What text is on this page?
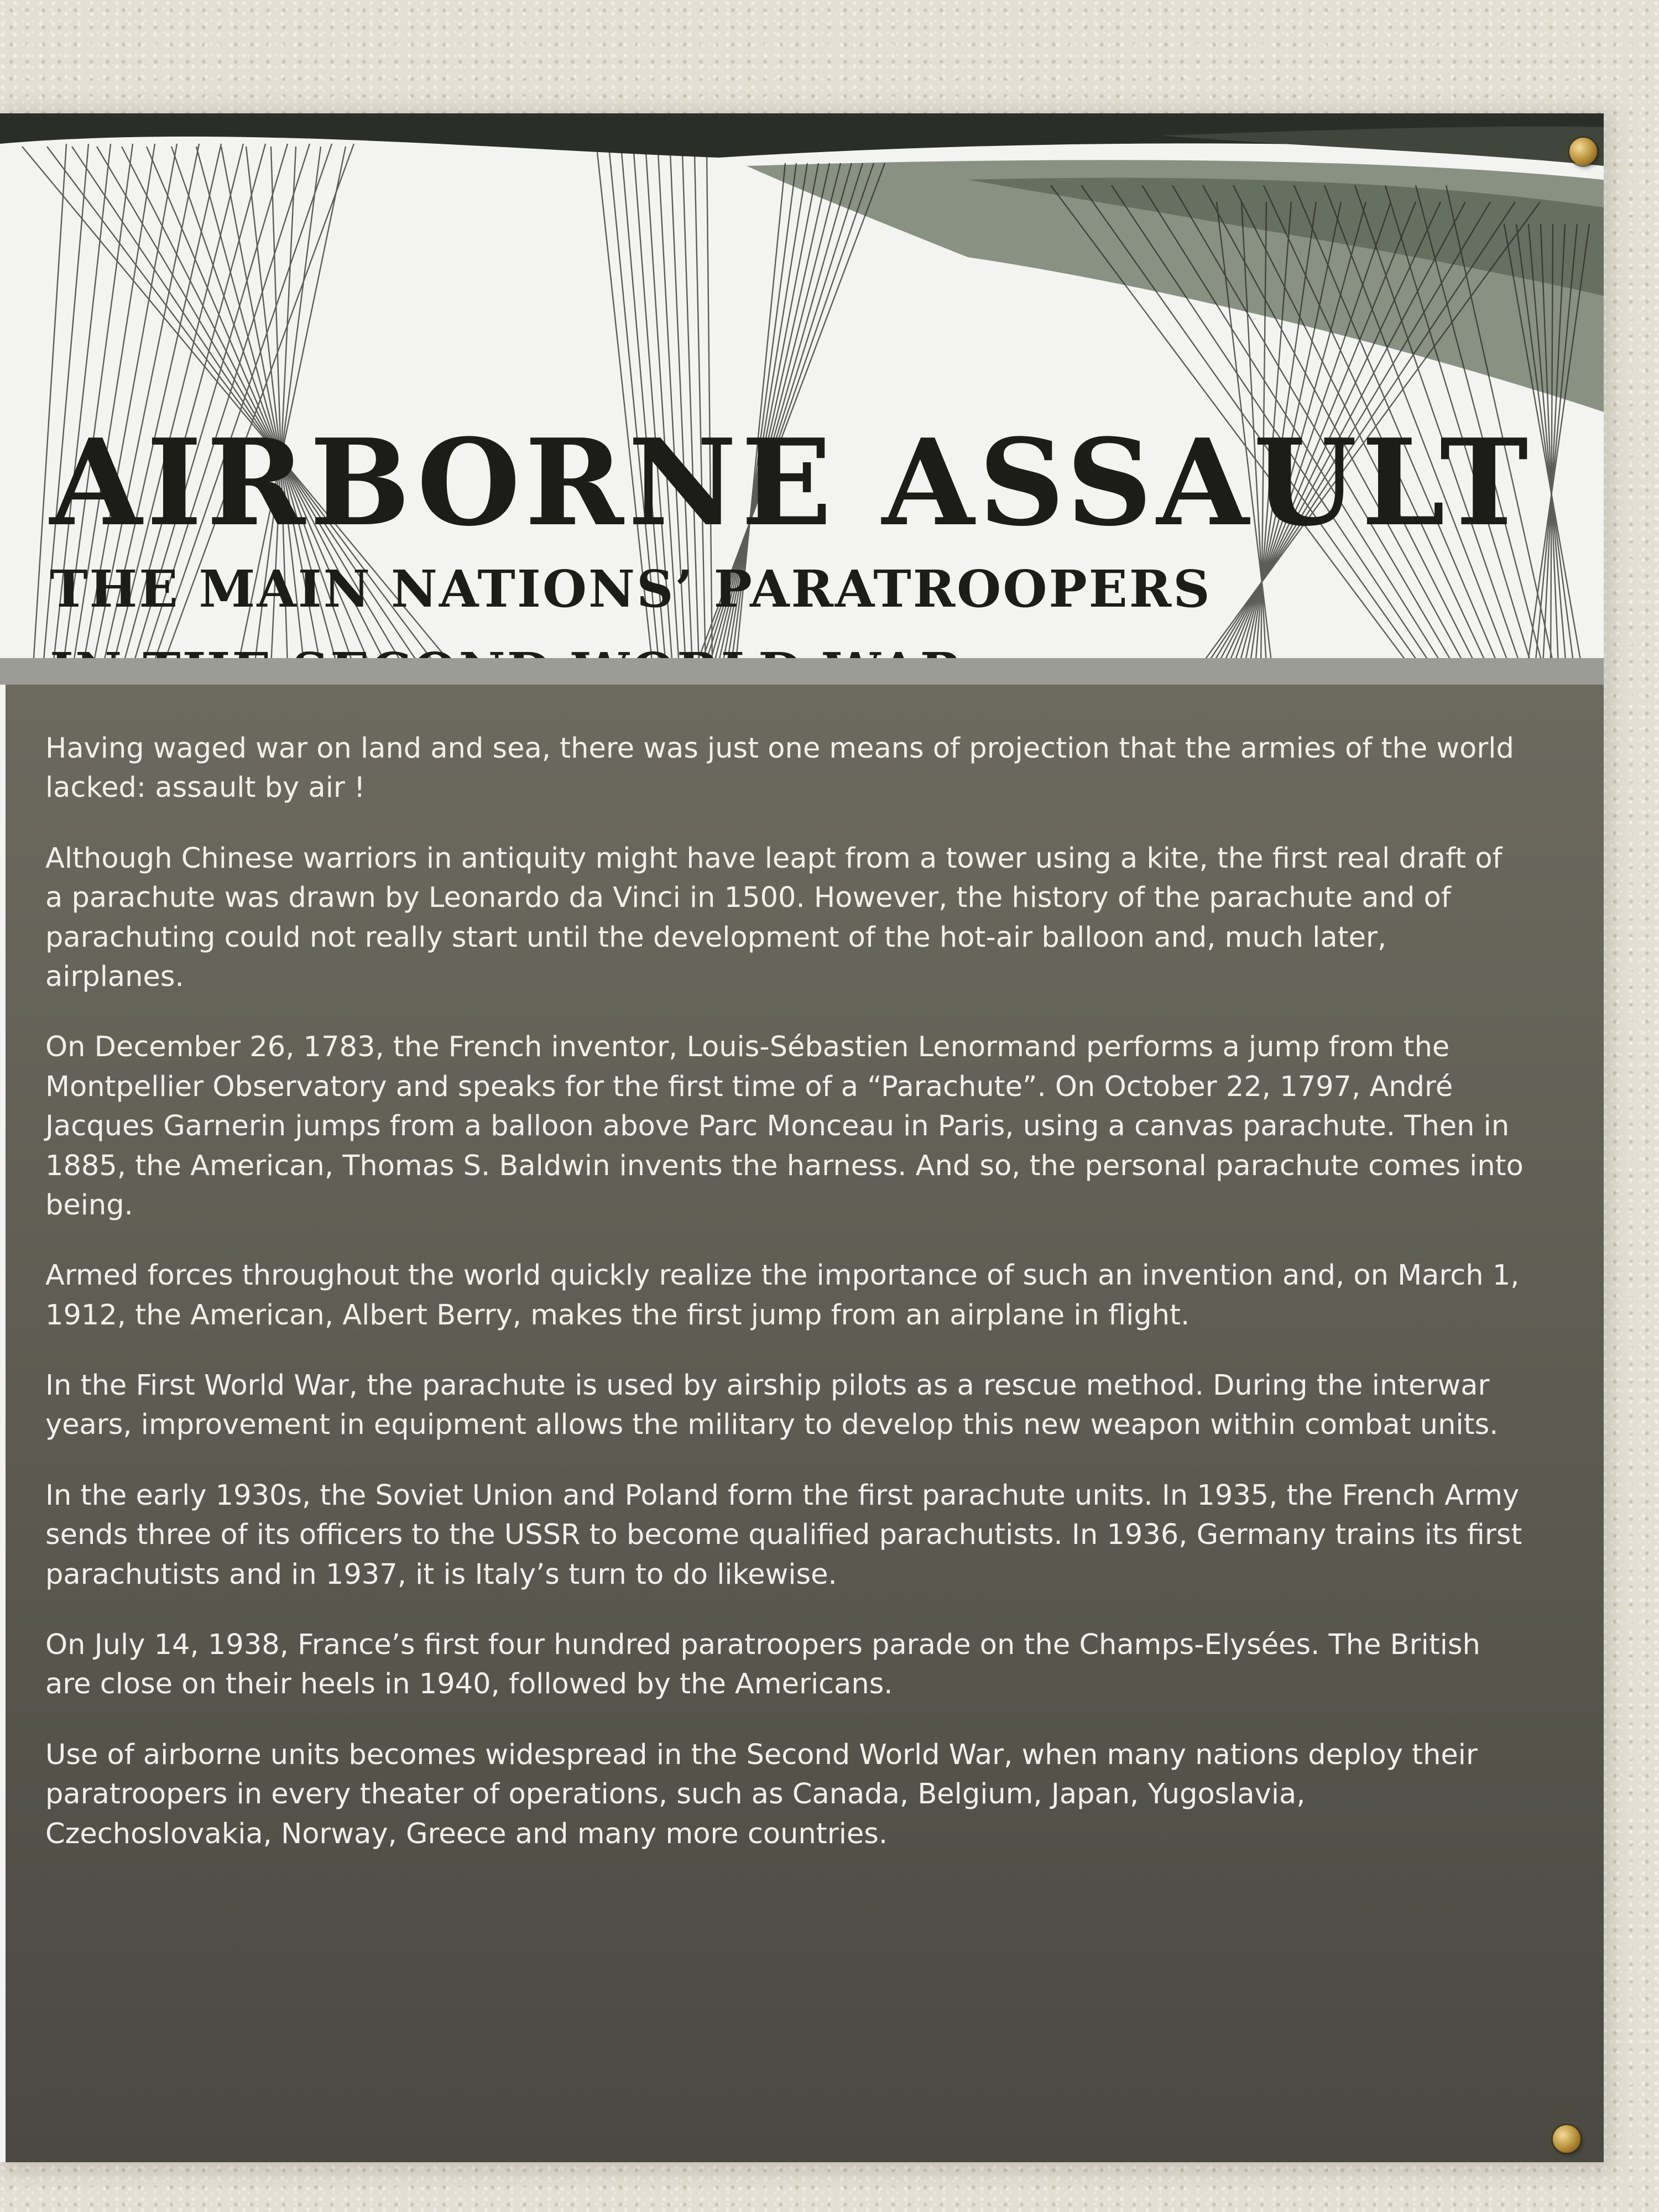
AIRBORNE ASSAULT
THE MAIN NATIONS’ PARATROOPERS

Having waged war on land and sea, there was just one means of projection that the armies of the world lacked: assault by air !

Although Chinese warriors in antiquity might have leapt from a tower using a kite, the first real draft of a parachute was drawn by Leonardo da Vinci in 1500. However, the history of the parachute and of parachuting could not really start until the development of the hot-air balloon and, much later, airplanes.

On December 26, 1783, the French inventor, Louis-Sébastien Lenormand performs a jump from the Montpellier Observatory and speaks for the first time of a “Parachute”. On October 22, 1797, André Jacques Garnerin jumps from a balloon above Parc Monceau in Paris, using a canvas parachute. Then in 1885, the American, Thomas S. Baldwin invents the harness. And so, the personal parachute comes into being.

Armed forces throughout the world quickly realize the importance of such an invention and, on March 1, 1912, the American, Albert Berry, makes the first jump from an airplane in flight.

In the First World War, the parachute is used by airship pilots as a rescue method. During the interwar years, improvement in equipment allows the military to develop this new weapon within combat units.

In the early 1930s, the Soviet Union and Poland form the first parachute units. In 1935, the French Army sends three of its officers to the USSR to become qualified parachutists. In 1936, Germany trains its first parachutists and in 1937, it is Italy’s turn to do likewise.

On July 14, 1938, France’s first four hundred paratroopers parade on the Champs-Elysées. The British are close on their heels in 1940, followed by the Americans.

Use of airborne units becomes widespread in the Second World War, when many nations deploy their paratroopers in every theater of operations, such as Canada, Belgium, Japan, Yugoslavia, Czechoslovakia, Norway, Greece and many more countries.
